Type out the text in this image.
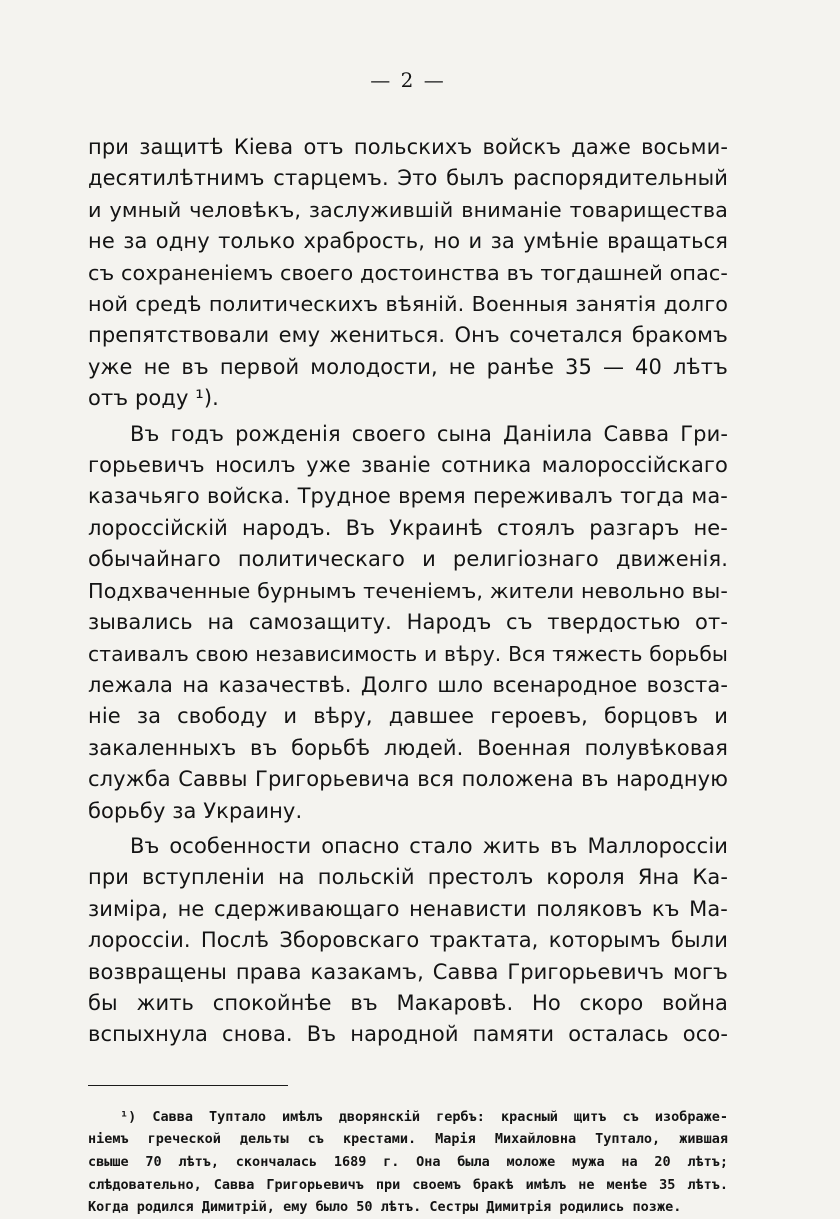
— 2 —
при защитѣ Кіева отъ польскихъ войскъ даже восьми-
десятилѣтнимъ старцемъ. Это былъ распорядительный
и умный человѣкъ, заслужившій вниманіе товарищества
не за одну только храбрость, но и за умѣніе вращаться
съ сохраненіемъ своего достоинства въ тогдашней опас-
ной средѣ политическихъ вѣяній. Военныя занятія долго
препятствовали ему жениться. Онъ сочетался бракомъ
уже не въ первой молодости, не ранѣе 35 — 40 лѣтъ
отъ роду ¹).
Въ годъ рожденія своего сына Даніила Савва Гри-
горьевичъ носилъ уже званіе сотника малороссійскаго
казачьяго войска. Трудное время переживалъ тогда ма-
лороссійскій народъ. Въ Украинѣ стоялъ разгаръ не-
обычайнаго политическаго и религіознаго движенія.
Подхваченные бурнымъ теченіемъ, жители невольно вы-
зывались на самозащиту. Народъ съ твердостью от-
стаивалъ свою независимость и вѣру. Вся тяжесть борьбы
лежала на казачествѣ. Долго шло всенародное возста-
ніе за свободу и вѣру, давшее героевъ, борцовъ и
закаленныхъ въ борьбѣ людей. Военная полувѣковая
служба Саввы Григорьевича вся положена въ народную
борьбу за Украину.
Въ особенности опасно стало жить въ Маллороссіи
при вступленіи на польскій престолъ короля Яна Ка-
зиміра, не сдерживающаго ненависти поляковъ къ Ма-
лороссіи. Послѣ Зборовскаго трактата, которымъ были
возвращены права казакамъ, Савва Григорьевичъ могъ
бы жить спокойнѣе въ Макаровѣ. Но скоро война
вспыхнула снова. Въ народной памяти осталась осо-
¹) Савва Туптало имѣлъ дворянскій гербъ: красный щитъ съ изображе-
ніемъ греческой дельты съ крестами. Марія Михайловна Туптало, жившая
свыше 70 лѣтъ, скончалась 1689 г. Она была моложе мужа на 20 лѣтъ;
слѣдовательно, Савва Григорьевичъ при своемъ бракѣ имѣлъ не менѣе 35 лѣтъ.
Когда родился Димитрій, ему было 50 лѣтъ. Сестры Димитрія родились позже.
